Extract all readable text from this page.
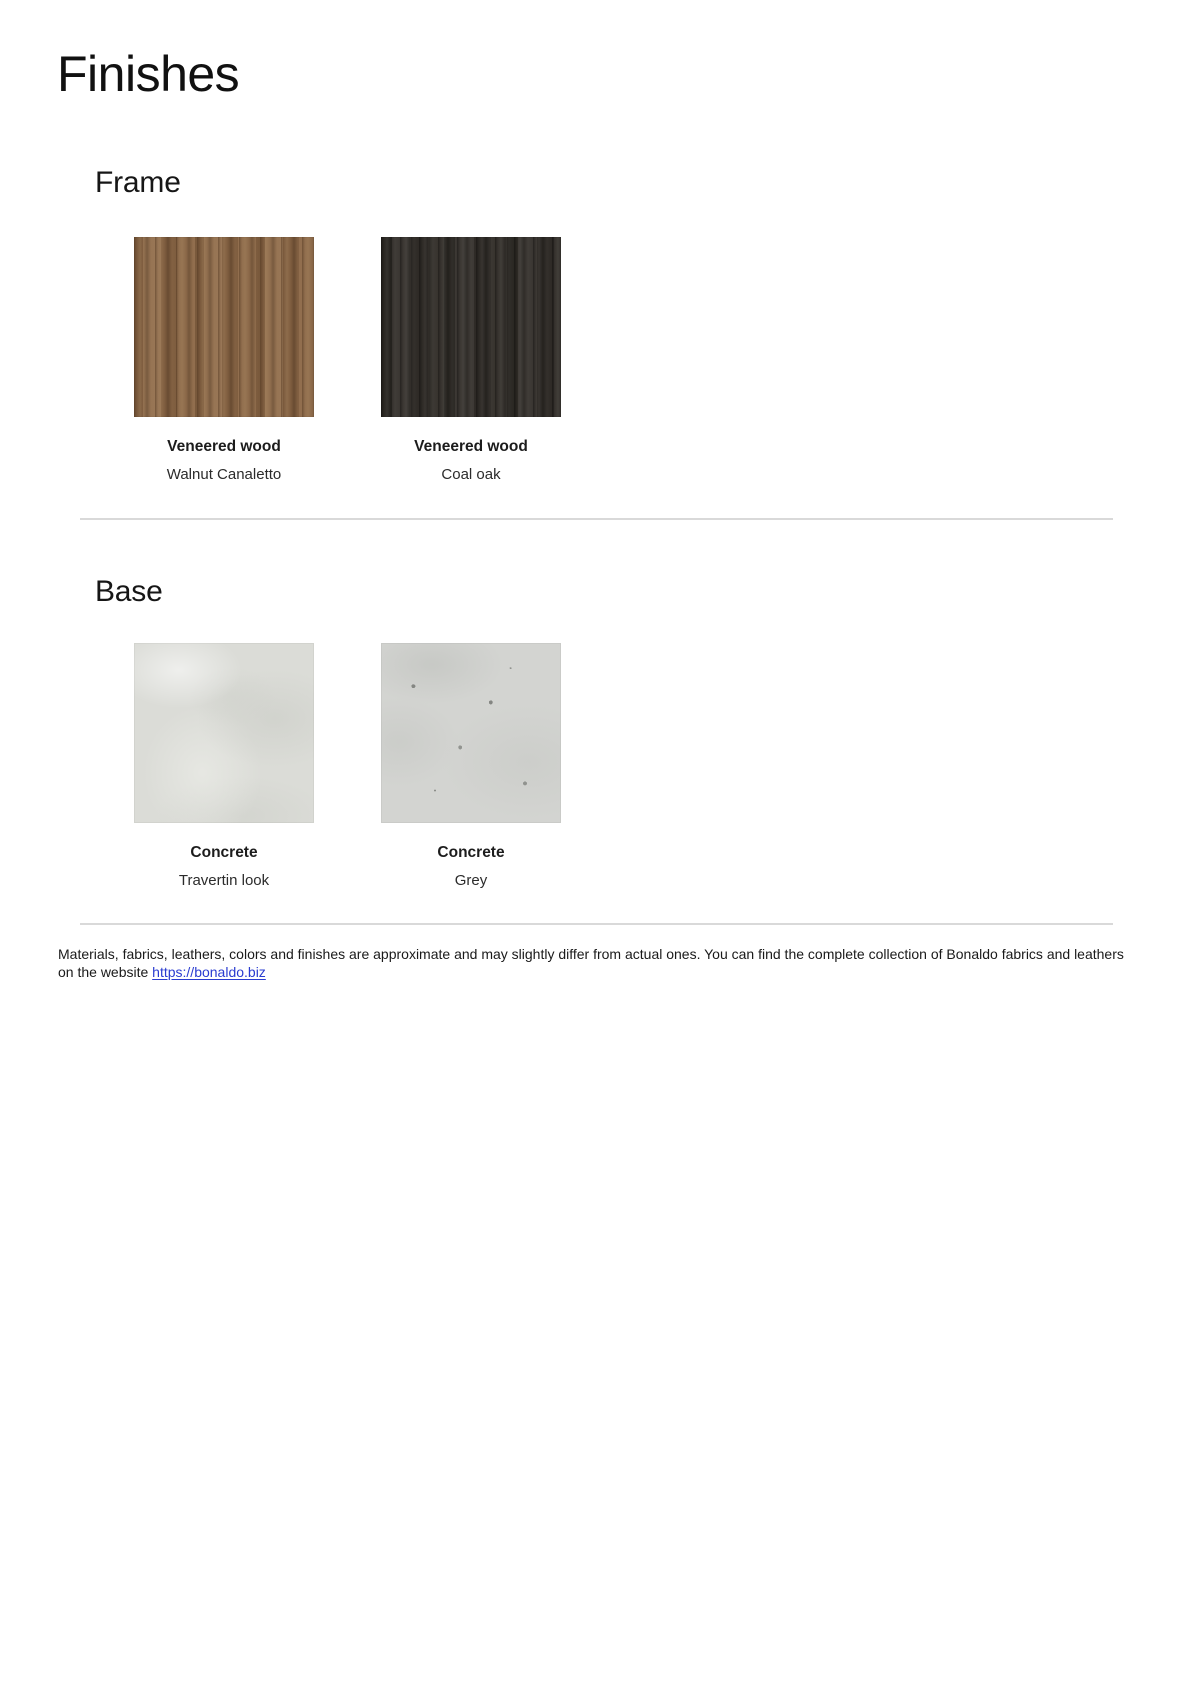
Finishes
Frame
Veneered wood
Walnut Canaletto
Veneered wood
Coal oak
Base
Concrete
Travertin look
Concrete
Grey

Materials, fabrics, leathers, colors and finishes are approximate and may slightly differ from actual ones. You can find the complete collection of Bonaldo fabrics and leathers on the website https://bonaldo.biz
